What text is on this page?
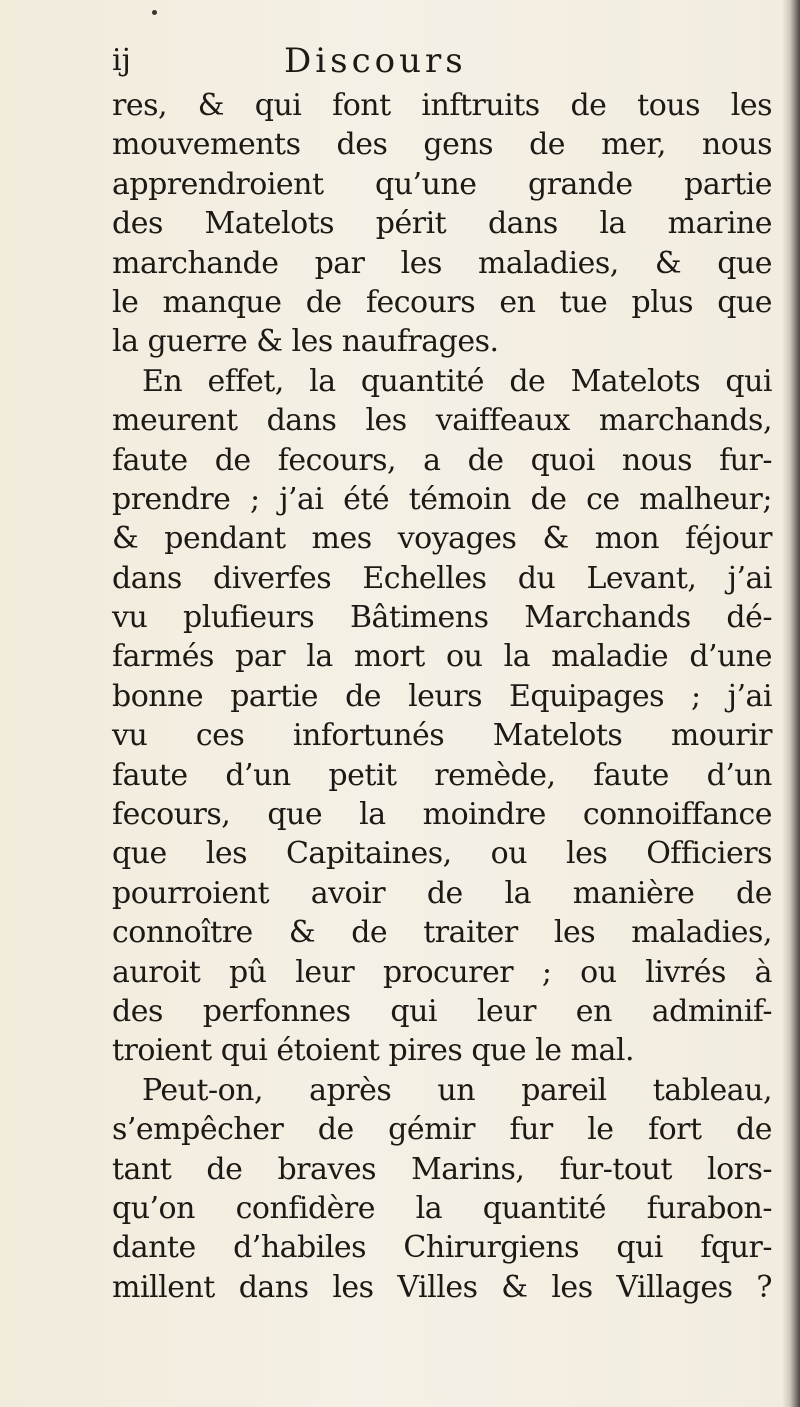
ij	Discours
res, & qui font inftruits de tous les
mouvements des gens de mer, nous
apprendroient qu’une grande partie
des Matelots périt dans la marine
marchande par les maladies, & que
le manque de fecours en tue plus que
la guerre & les naufrages.
En effet, la quantité de Matelots qui
meurent dans les vaiffeaux marchands,
faute de fecours, a de quoi nous fur-
prendre ; j’ai été témoin de ce malheur;
& pendant mes voyages & mon féjour
dans diverfes Echelles du Levant, j’ai
vu plufieurs Bâtimens Marchands dé-
farmés par la mort ou la maladie d’une
bonne partie de leurs Equipages ; j’ai
vu ces infortunés Matelots mourir
faute d’un petit remède, faute d’un
fecours, que la moindre connoiffance
que les Capitaines, ou les Officiers
pourroient avoir de la manière de
connoître & de traiter les maladies,
auroit pû leur procurer ; ou livrés à
des perfonnes qui leur en adminif-
troient qui étoient pires que le mal.
Peut-on, après un pareil tableau,
s’empêcher de gémir fur le fort de
tant de braves Marins, fur-tout lors-
qu’on confidère la quantité furabon-
dante d’habiles Chirurgiens qui fqur-
millent dans les Villes & les Villages ?
